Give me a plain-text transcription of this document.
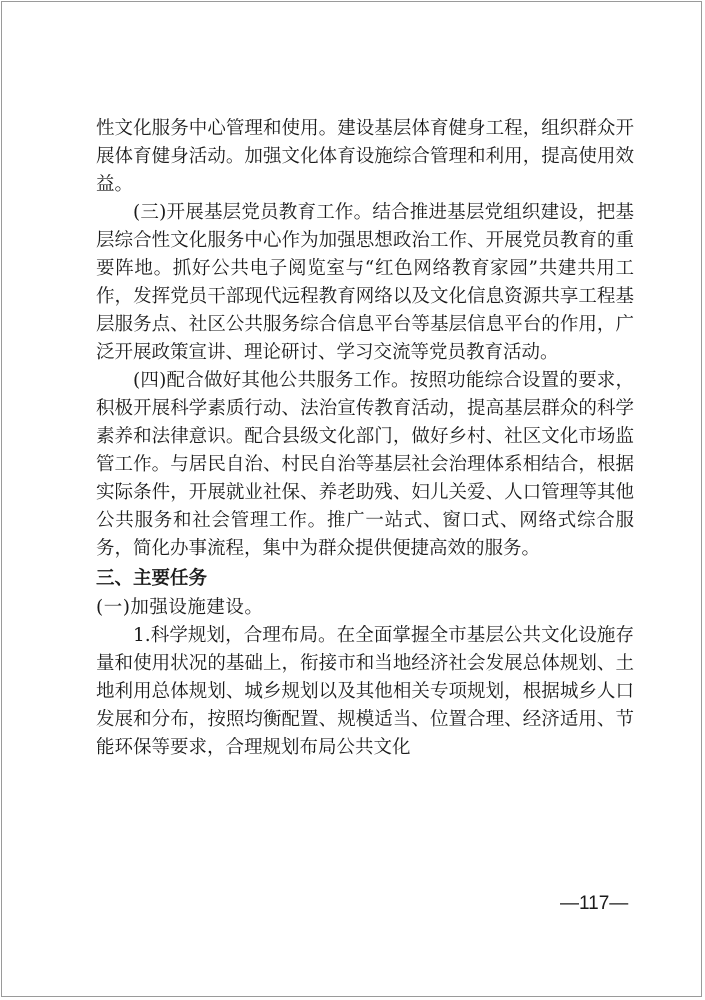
性文化服务中心管理和使用。建设基层体育健身工程，组织群众开展体育健身活动。加强文化体育设施综合管理和利用，提高使用效益。

(三)开展基层党员教育工作。结合推进基层党组织建设，把基层综合性文化服务中心作为加强思想政治工作、开展党员教育的重要阵地。抓好公共电子阅览室与“红色网络教育家园”共建共用工作，发挥党员干部现代远程教育网络以及文化信息资源共享工程基层服务点、社区公共服务综合信息平台等基层信息平台的作用，广泛开展政策宣讲、理论研讨、学习交流等党员教育活动。

(四)配合做好其他公共服务工作。按照功能综合设置的要求，积极开展科学素质行动、法治宣传教育活动，提高基层群众的科学素养和法律意识。配合县级文化部门，做好乡村、社区文化市场监管工作。与居民自治、村民自治等基层社会治理体系相结合，根据实际条件，开展就业社保、养老助残、妇儿关爱、人口管理等其他公共服务和社会管理工作。推广一站式、窗口式、网络式综合服务，简化办事流程，集中为群众提供便捷高效的服务。

三、主要任务

(一)加强设施建设。

1.科学规划，合理布局。在全面掌握全市基层公共文化设施存量和使用状况的基础上，衔接市和当地经济社会发展总体规划、土地利用总体规划、城乡规划以及其他相关专项规划，根据城乡人口发展和分布，按照均衡配置、规模适当、位置合理、经济适用、节能环保等要求，合理规划布局公共文化

—117—
